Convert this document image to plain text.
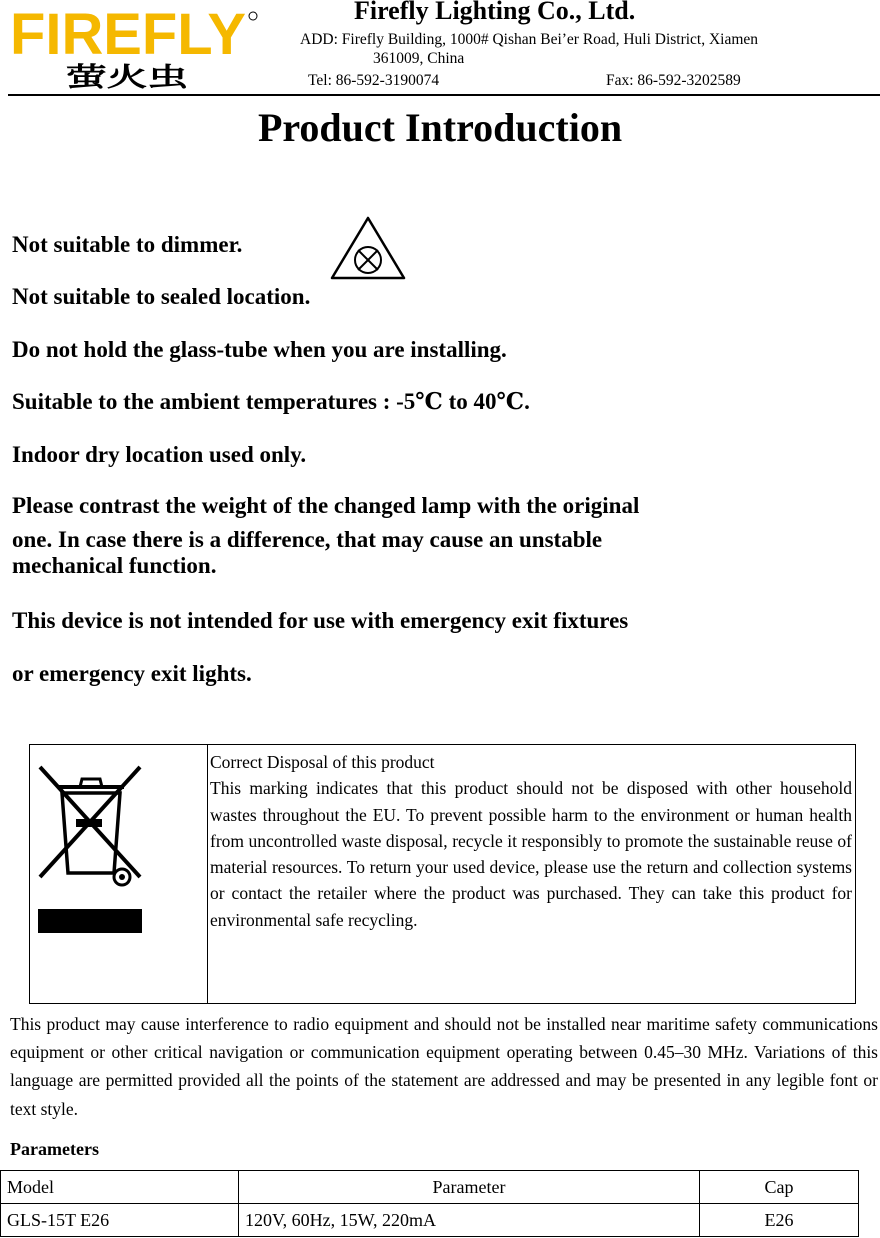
FIREFLY
萤火虫
Firefly Lighting Co., Ltd.
ADD: Firefly Building, 1000# Qishan Bei’er Road, Huli District, Xiamen
361009, China
Tel: 86-592-3190074	Fax: 86-592-3202589
Product Introduction
Not suitable to dimmer.
Not suitable to sealed location.
Do not hold the glass-tube when you are installing.
Suitable to the ambient temperatures : -5℃ to 40℃.
Indoor dry location used only.
Please contrast the weight of the changed lamp with the original
one. In case there is a difference, that may cause an unstable
mechanical function.
This device is not intended for use with emergency exit fixtures
or emergency exit lights.
Correct Disposal of this product
This marking indicates that this product should not be disposed with other household wastes throughout the EU. To prevent possible harm to the environment or human health from uncontrolled waste disposal, recycle it responsibly to promote the sustainable reuse of material resources. To return your used device, please use the return and collection systems or contact the retailer where the product was purchased. They can take this product for environmental safe recycling.
This product may cause interference to radio equipment and should not be installed near maritime safety communications equipment or other critical navigation or communication equipment operating between 0.45–30 MHz. Variations of this language are permitted provided all the points of the statement are addressed and may be presented in any legible font or text style.
Parameters
Model	Parameter	Cap
GLS-15T E26	120V, 60Hz, 15W, 220mA	E26
